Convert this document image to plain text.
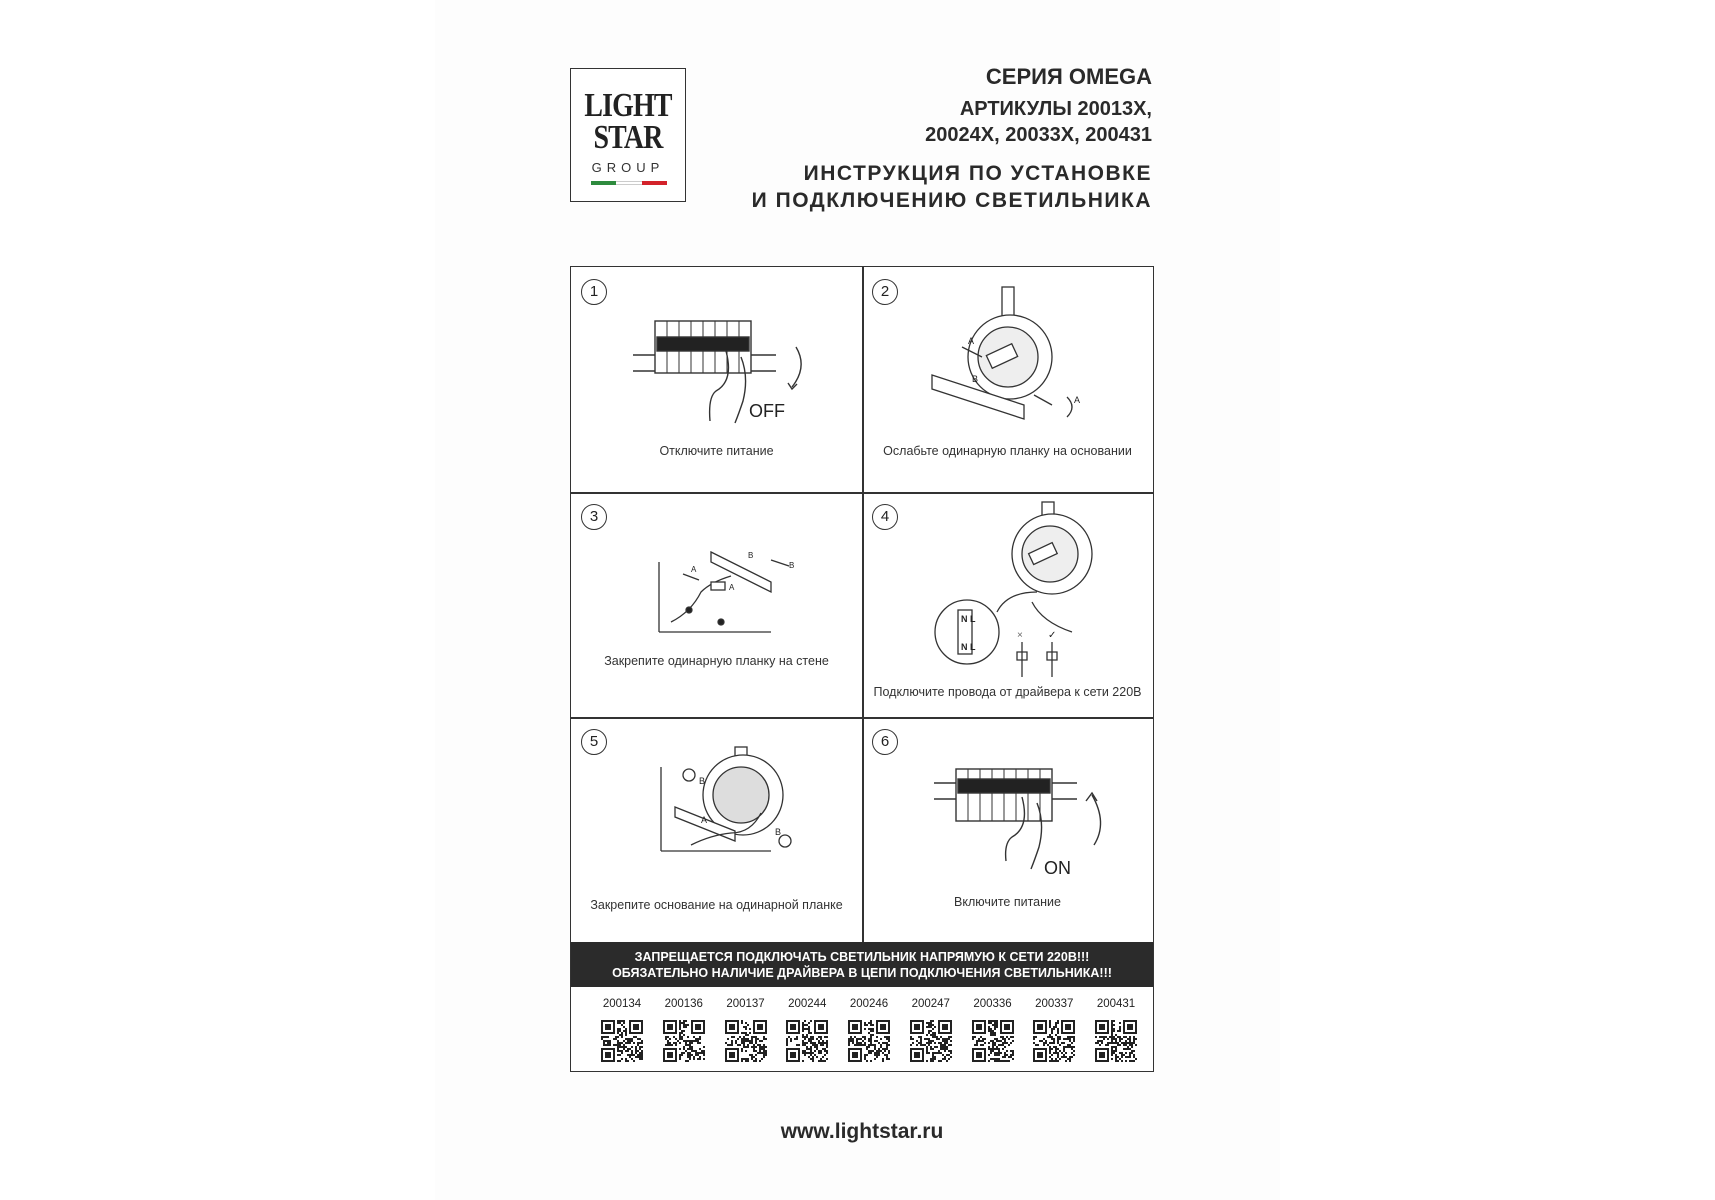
LIGHT
STAR
GROUP
СЕРИЯ OMEGA
АРТИКУЛЫ 20013X,
20024X, 20033X, 200431
ИНСТРУКЦИЯ ПО УСТАНОВКЕ
И ПОДКЛЮЧЕНИЮ СВЕТИЛЬНИКА
1
OFF
Отключите питание
2
A
B
A
Ослабьте одинарную планку на основании
3
A
B
B
A
Закрепите одинарную планку на стене
4
N L
N L
×	✓
Подключите провода от драйвера к сети 220В
5
B
A
B
Закрепите основание на одинарной планке
6
ON
Включите питание
ЗАПРЕЩАЕТСЯ ПОДКЛЮЧАТЬ СВЕТИЛЬНИК НАПРЯМУЮ К СЕТИ 220В!!!
ОБЯЗАТЕЛЬНО НАЛИЧИЕ ДРАЙВЕРА В ЦЕПИ ПОДКЛЮЧЕНИЯ СВЕТИЛЬНИКА!!!
200134	200136	200137	200244	200246	200247	200336	200337	200431
www.lightstar.ru
